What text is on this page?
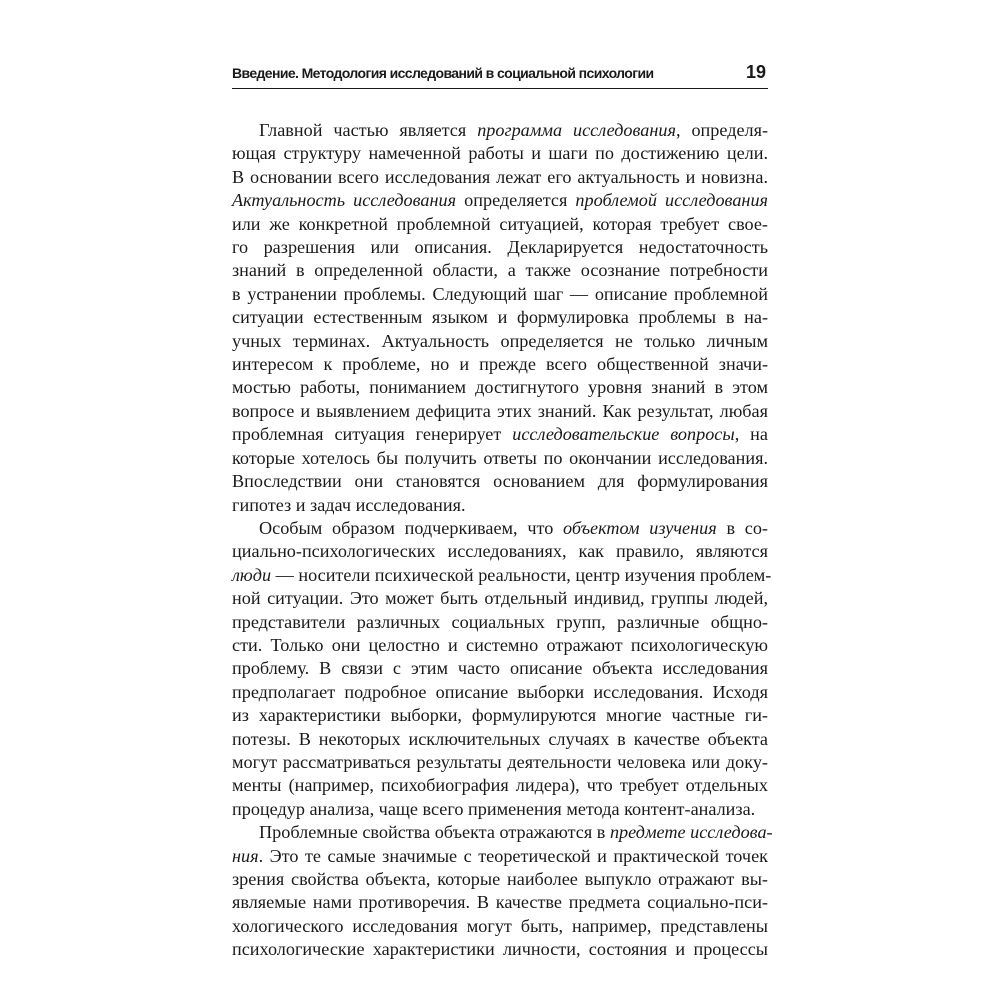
Введение. Методология исследований в социальной психологии	19

Главной частью является программа исследования, определя-
ющая структуру намеченной работы и шаги по достижению цели.
В основании всего исследования лежат его актуальность и новизна.
Актуальность исследования определяется проблемой исследования
или же конкретной проблемной ситуацией, которая требует свое-
го разрешения или описания. Декларируется недостаточность
знаний в определенной области, а также осознание потребности
в устранении проблемы. Следующий шаг — описание проблемной
ситуации естественным языком и формулировка проблемы в на-
учных терминах. Актуальность определяется не только личным
интересом к проблеме, но и прежде всего общественной значи-
мостью работы, пониманием достигнутого уровня знаний в этом
вопросе и выявлением дефицита этих знаний. Как результат, любая
проблемная ситуация генерирует исследовательские вопросы, на
которые хотелось бы получить ответы по окончании исследования.
Впоследствии они становятся основанием для формулирования
гипотез и задач исследования.

Особым образом подчеркиваем, что объектом изучения в со-
циально-психологических исследованиях, как правило, являются
люди — носители психической реальности, центр изучения проблем-
ной ситуации. Это может быть отдельный индивид, группы людей,
представители различных социальных групп, различные общно-
сти. Только они целостно и системно отражают психологическую
проблему. В связи с этим часто описание объекта исследования
предполагает подробное описание выборки исследования. Исходя
из характеристики выборки, формулируются многие частные ги-
потезы. В некоторых исключительных случаях в качестве объекта
могут рассматриваться результаты деятельности человека или доку-
менты (например, психобиография лидера), что требует отдельных
процедур анализа, чаще всего применения метода контент-анализа.

Проблемные свойства объекта отражаются в предмете исследова-
ния. Это те самые значимые с теоретической и практической точек
зрения свойства объекта, которые наиболее выпукло отражают вы-
являемые нами противоречия. В качестве предмета социально-пси-
хологического исследования могут быть, например, представлены
психологические характеристики личности, состояния и процессы
